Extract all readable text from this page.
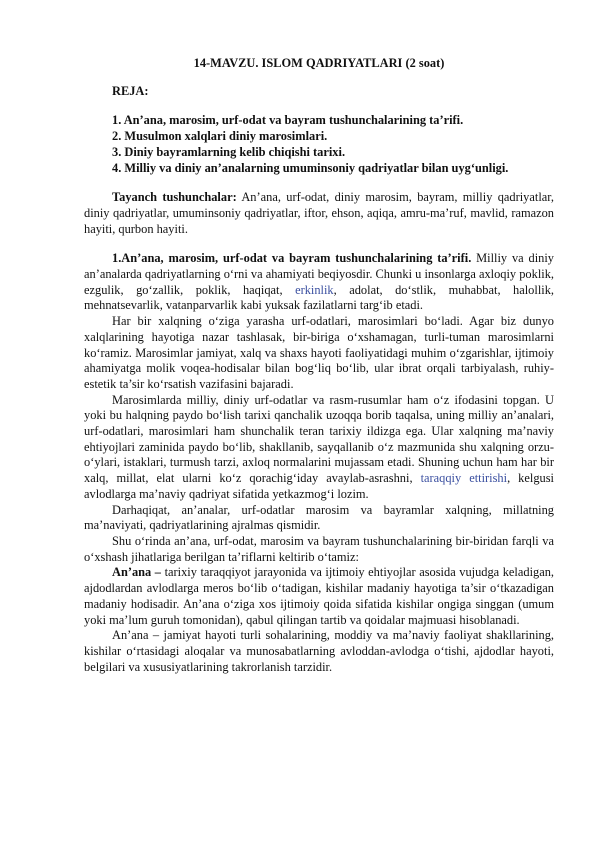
14-MAVZU. ISLOM QADRIYATLARI (2 soat)
REJA:
1. An’ana, marosim, urf-odat va bayram tushunchalarining ta’rifi.
2. Musulmon xalqlari diniy marosimlari.
3. Diniy bayramlarning kelib chiqishi tarixi.
4. Milliy va diniy an’analarning umuminsoniy qadriyatlar bilan uyg‘unligi.

Tayanch tushunchalar: An’ana, urf-odat, diniy marosim, bayram, milliy qadriyatlar, diniy qadriyatlar, umuminsoniy qadriyatlar, iftor, ehson, aqiqa, amru-ma’ruf, mavlid, ramazon hayiti, qurbon hayiti.

1.An’ana, marosim, urf-odat va bayram tushunchalarining ta’rifi. Milliy va diniy an’analarda qadriyatlarning o‘rni va ahamiyati beqiyosdir. Chunki u insonlarga axloqiy poklik, ezgulik, go‘zallik, poklik, haqiqat, erkinlik, adolat, do‘stlik, muhabbat, halollik, mehnatsevarlik, vatanparvarlik kabi yuksak fazilatlarni targ‘ib etadi.

Har bir xalqning o‘ziga yarasha urf-odatlari, marosimlari bo‘ladi. Agar biz dunyo xalqlarining hayotiga nazar tashlasak, bir-biriga o‘xshamagan, turli-tuman marosimlarni ko‘ramiz. Marosimlar jamiyat, xalq va shaxs hayoti faoliyatidagi muhim o‘zgarishlar, ijtimoiy ahamiyatga molik voqea-hodisalar bilan bog‘liq bo‘lib, ular ibrat orqali tarbiyalash, ruhiy-estetik ta’sir ko‘rsatish vazifasini bajaradi.

Marosimlarda milliy, diniy urf-odatlar va rasm-rusumlar ham o‘z ifodasini topgan. U yoki bu halqning paydo bo‘lish tarixi qanchalik uzoqqa borib taqalsa, uning milliy an’analari, urf-odatlari, marosimlari ham shunchalik teran tarixiy ildizga ega. Ular xalqning ma’naviy ehtiyojlari zaminida paydo bo‘lib, shakllanib, sayqallanib o‘z mazmunida shu xalqning orzu-o‘ylari, istaklari, turmush tarzi, axloq normalarini mujassam etadi. Shuning uchun ham har bir xalq, millat, elat ularni ko‘z qorachig‘iday avaylab-asrashni, taraqqiy ettirishi, kelgusi avlodlarga ma’naviy qadriyat sifatida yetkazmog‘i lozim.

Darhaqiqat, an’analar, urf-odatlar marosim va bayramlar xalqning, millatning ma’naviyati, qadriyatlarining ajralmas qismidir.

Shu o‘rinda an’ana, urf-odat, marosim va bayram tushunchalarining bir-biridan farqli va o‘xshash jihatlariga berilgan ta’riflarni keltirib o‘tamiz:

An’ana – tarixiy taraqqiyot jarayonida va ijtimoiy ehtiyojlar asosida vujudga keladigan, ajdodlardan avlodlarga meros bo‘lib o‘tadigan, kishilar madaniy hayotiga ta’sir o‘tkazadigan madaniy hodisadir. An’ana o‘ziga xos ijtimoiy qoida sifatida kishilar ongiga singgan (umum yoki ma’lum guruh tomonidan), qabul qilingan tartib va qoidalar majmuasi hisoblanadi.

An’ana – jamiyat hayoti turli sohalarining, moddiy va ma’naviy faoliyat shakllarining, kishilar o‘rtasidagi aloqalar va munosabatlarning avloddan-avlodga o‘tishi, ajdodlar hayoti, belgilari va xususiyatlarining takrorlanish tarzidir.
